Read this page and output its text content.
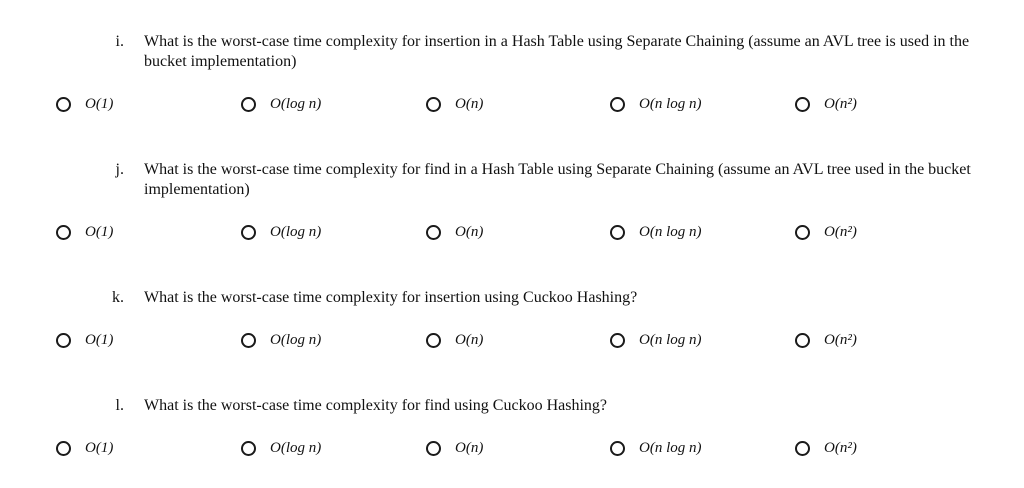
i. What is the worst-case time complexity for insertion in a Hash Table using Separate Chaining (assume an AVL tree is used in the bucket implementation)
O(1)	O(log n)	O(n)	O(n log n)	O(n²)
j. What is the worst-case time complexity for find in a Hash Table using Separate Chaining (assume an AVL tree used in the bucket implementation)
O(1)	O(log n)	O(n)	O(n log n)	O(n²)
k. What is the worst-case time complexity for insertion using Cuckoo Hashing?
O(1)	O(log n)	O(n)	O(n log n)	O(n²)
l. What is the worst-case time complexity for find using Cuckoo Hashing?
O(1)	O(log n)	O(n)	O(n log n)	O(n²)
